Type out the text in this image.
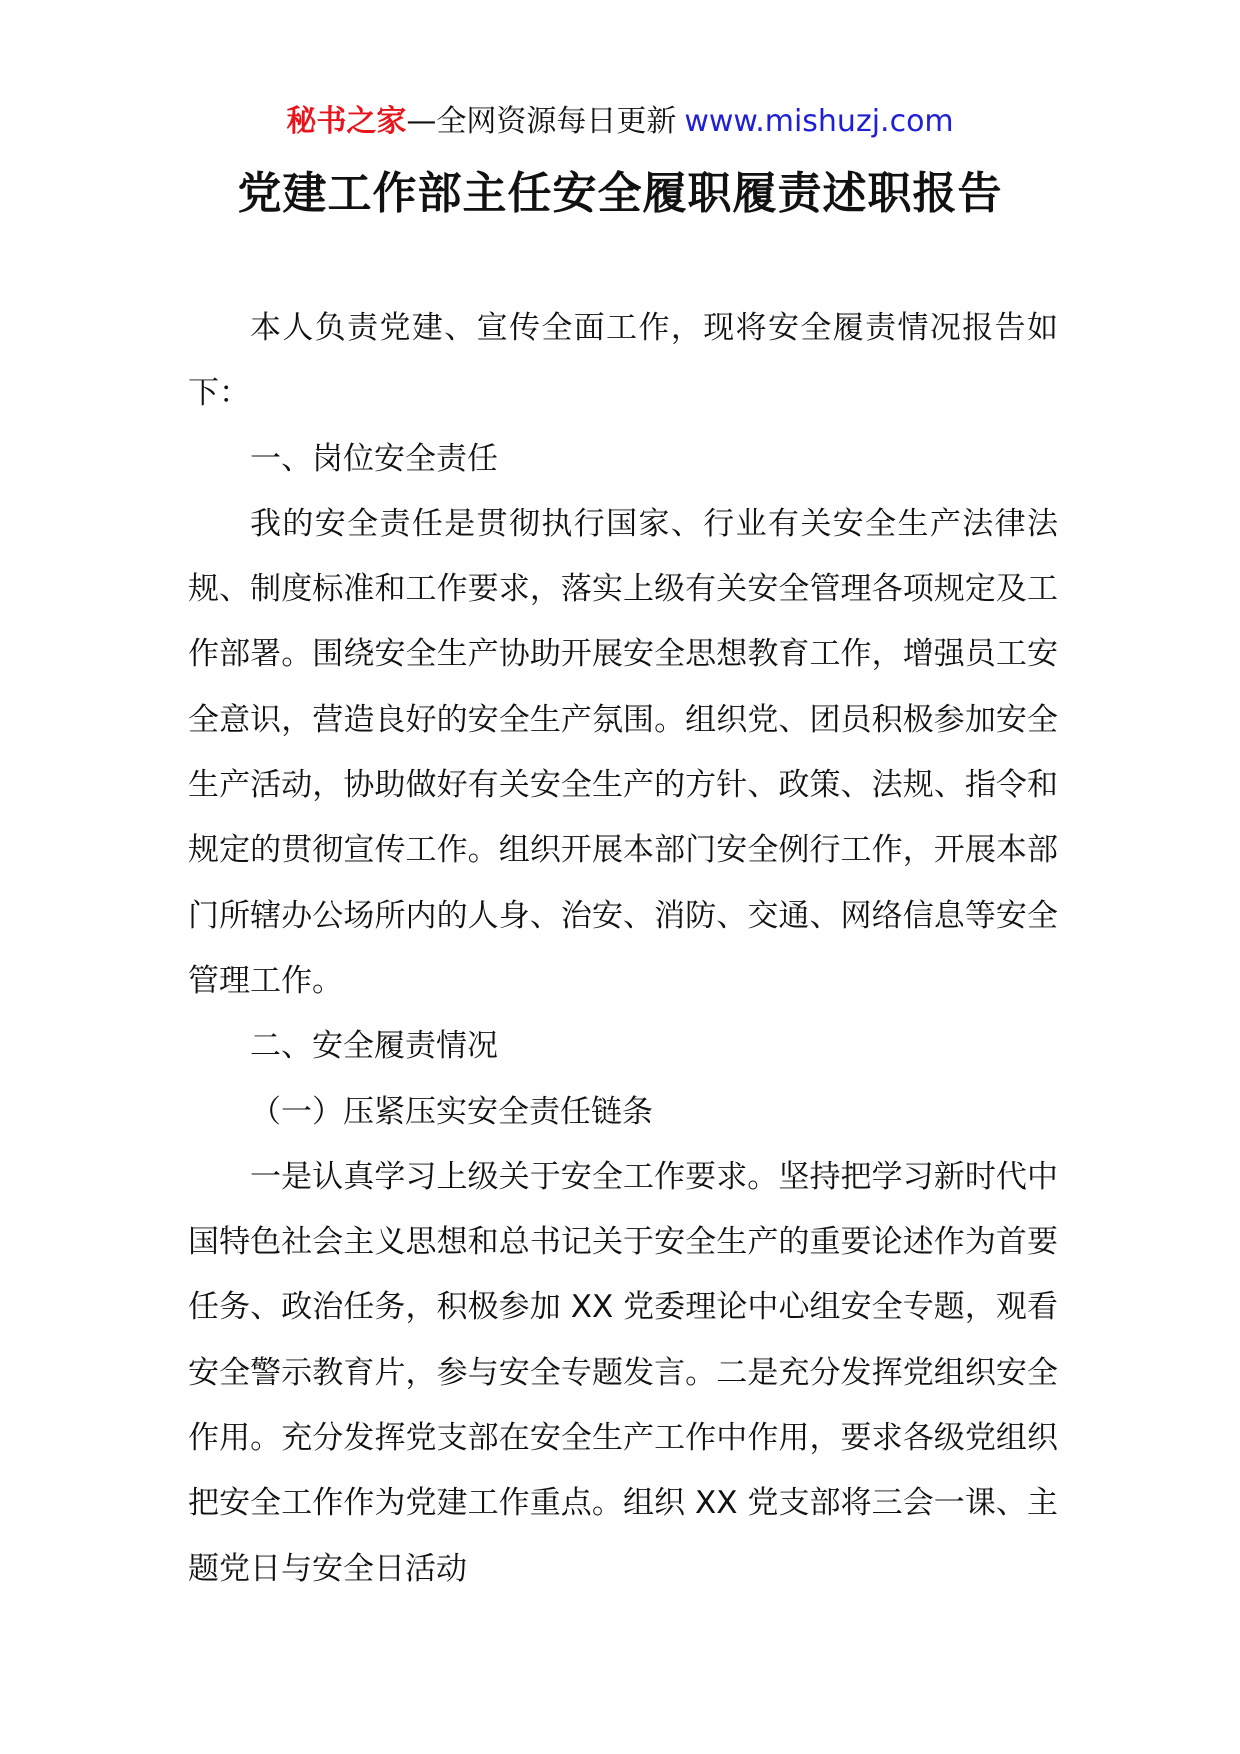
秘书之家—全网资源每日更新 www.mishuzj.com
党建工作部主任安全履职履责述职报告

本人负责党建、宣传全面工作，现将安全履责情况报告如下：

一、岗位安全责任

我的安全责任是贯彻执行国家、行业有关安全生产法律法规、制度标准和工作要求，落实上级有关安全管理各项规定及工作部署。围绕安全生产协助开展安全思想教育工作，增强员工安全意识，营造良好的安全生产氛围。组织党、团员积极参加安全生产活动，协助做好有关安全生产的方针、政策、法规、指令和规定的贯彻宣传工作。组织开展本部门安全例行工作，开展本部门所辖办公场所内的人身、治安、消防、交通、网络信息等安全管理工作。

二、安全履责情况

（一）压紧压实安全责任链条

一是认真学习上级关于安全工作要求。坚持把学习新时代中国特色社会主义思想和总书记关于安全生产的重要论述作为首要任务、政治任务，积极参加 XX 党委理论中心组安全专题，观看安全警示教育片，参与安全专题发言。二是充分发挥党组织安全作用。充分发挥党支部在安全生产工作中作用，要求各级党组织把安全工作作为党建工作重点。组织 XX 党支部将三会一课、主题党日与安全日活动
